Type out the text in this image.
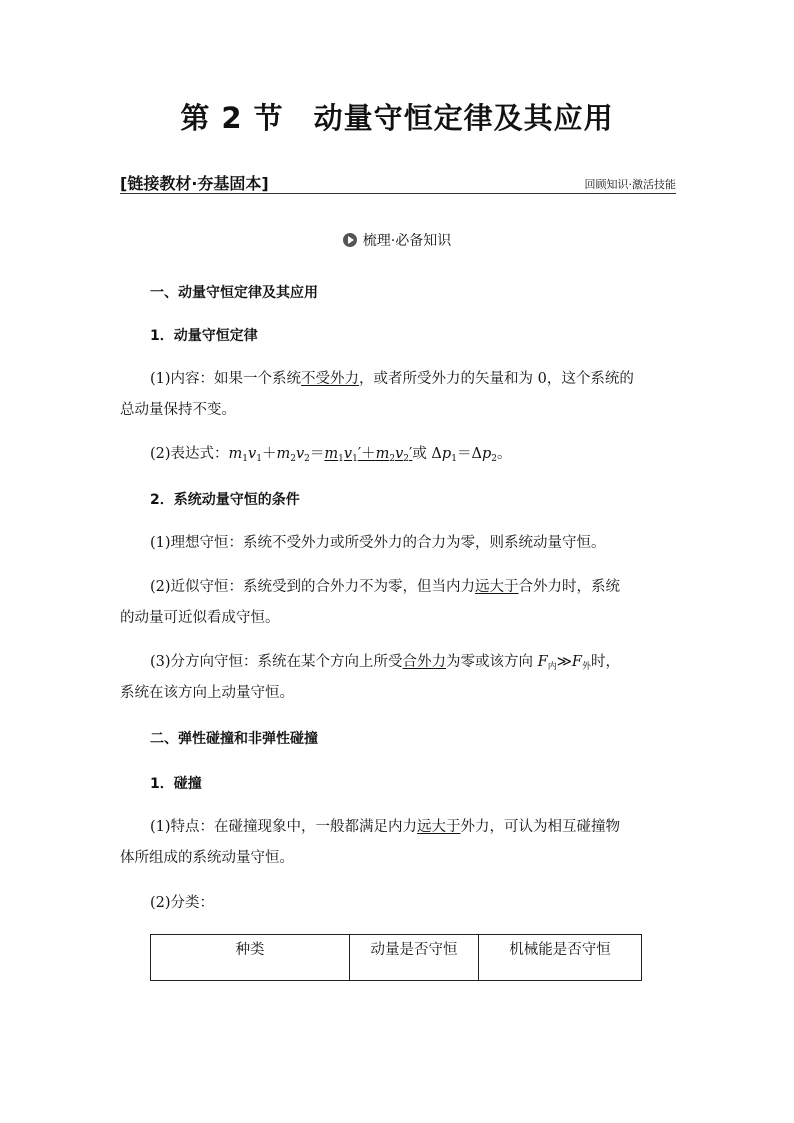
第 2 节　动量守恒定律及其应用
[链接教材·夯基固本]	回顾知识·激活技能
梳理·必备知识
一、动量守恒定律及其应用
1．动量守恒定律
(1)内容：如果一个系统不受外力，或者所受外力的矢量和为 0，这个系统的
总动量保持不变。
(2)表达式：$m_1v_1+m_2v_2=m_1v_1'+m_2v_2'$或 $\Delta p_1=\Delta p_2$。
2．系统动量守恒的条件
(1)理想守恒：系统不受外力或所受外力的合力为零，则系统动量守恒。
(2)近似守恒：系统受到的合外力不为零，但当内力远大于合外力时，系统
的动量可近似看成守恒。
(3)分方向守恒：系统在某个方向上所受合外力为零或该方向 $F_内≫F_外$时，
系统在该方向上动量守恒。
二、弹性碰撞和非弹性碰撞
1．碰撞
(1)特点：在碰撞现象中，一般都满足内力远大于外力，可认为相互碰撞物
体所组成的系统动量守恒。
(2)分类：
种类	动量是否守恒	机械能是否守恒
